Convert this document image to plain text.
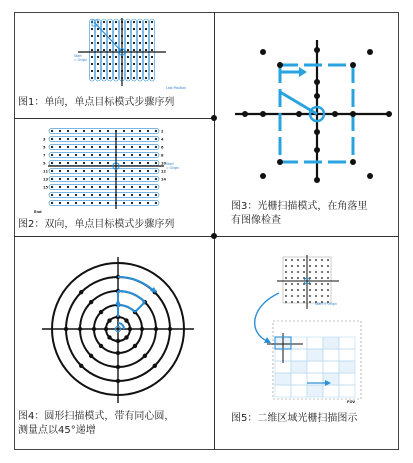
Start
= Origin
Last Position
图1：单向，单点目标模式步骤序列
3
5
7
9
11
13
15
2
4
6
8
10
12
14
Start
= Origin
End
图2：双向，单点目标模式步骤序列
图3：光栅扫描模式，在角落里
有图像检查
图4：圆形扫描模式，带有同心圆，
测量点以45°递增
Start = Origin
FOV
图5：二维区域光栅扫描图示
